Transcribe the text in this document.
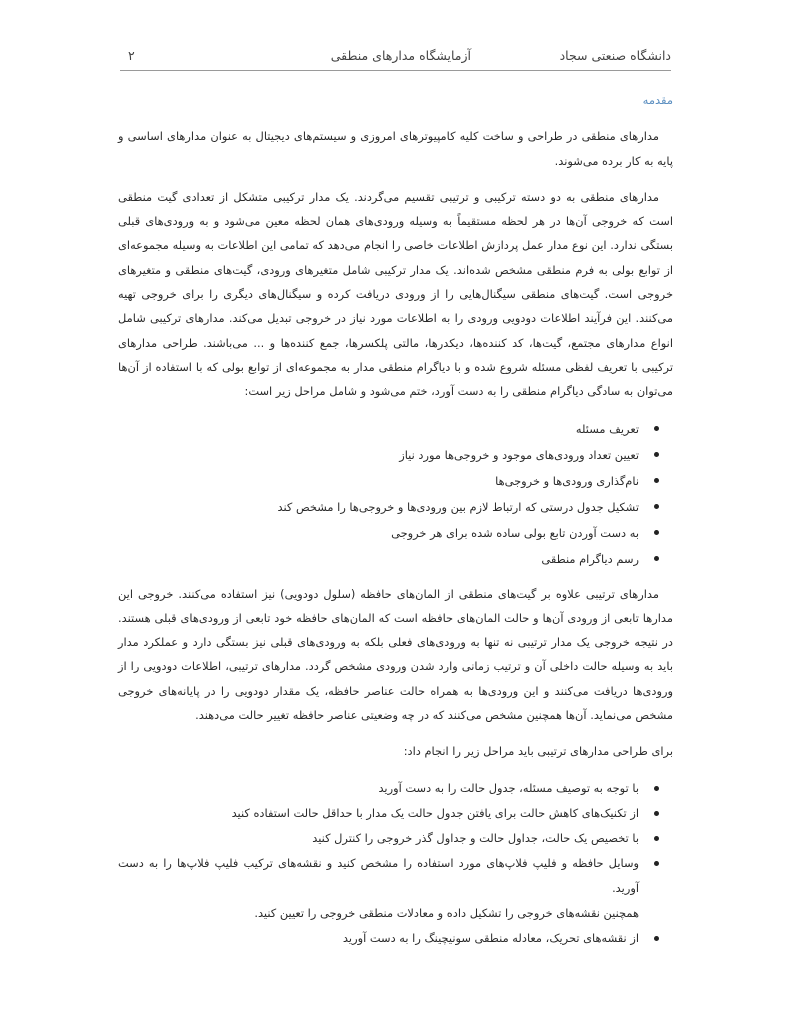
دانشگاه صنعتی سجاد
آزمایشگاه مدارهای منطقی
۲
مقدمه

مدارهای منطقی در طراحی و ساخت کلیه کامپیوترهای امروزی و سیستم‌های دیجیتال به عنوان مدارهای اساسی و پایه به کار برده می‌شوند.

مدارهای منطقی به دو دسته ترکیبی و ترتیبی تقسیم می‌گردند. یک مدار ترکیبی متشکل از تعدادی گیت منطقی است که خروجی آن‌ها در هر لحظه مستقیماً به وسیله ورودی‌های همان لحظه معین می‌شود و به ورودی‌های قبلی بستگی ندارد. این نوع مدار عمل پردازش اطلاعات خاصی را انجام می‌دهد که تمامی این اطلاعات به وسیله مجموعه‌ای از توابع بولی به فرم منطقی مشخص شده‌اند. یک مدار ترکیبی شامل متغیرهای ورودی، گیت‌های منطقی و متغیرهای خروجی است. گیت‌های منطقی سیگنال‌هایی را از ورودی دریافت کرده و سیگنال‌های دیگری را برای خروجی تهیه می‌کنند. این فرآیند اطلاعات دودویی ورودی را به اطلاعات مورد نیاز در خروجی تبدیل می‌کند. مدارهای ترکیبی شامل انواع مدارهای مجتمع، گیت‌ها، کد کننده‌ها، دیکدرها، مالتی پلکسرها، جمع کننده‌ها و ... می‌باشند. طراحی مدارهای ترکیبی با تعریف لفظی مسئله شروع شده و با دیاگرام منطقی مدار به مجموعه‌ای از توابع بولی که با استفاده از آن‌ها می‌توان به سادگی دیاگرام منطقی را به دست آورد، ختم می‌شود و شامل مراحل زیر است:

تعریف مسئله
تعیین تعداد ورودی‌های موجود و خروجی‌ها مورد نیاز
نام‌گذاری ورودی‌ها و خروجی‌ها
تشکیل جدول درستی که ارتباط لازم بین ورودی‌ها و خروجی‌ها را مشخص کند
به دست آوردن تابع بولی ساده شده برای هر خروجی
رسم دیاگرام منطقی

مدارهای ترتیبی علاوه بر گیت‌های منطقی از المان‌های حافظه (سلول دودویی) نیز استفاده می‌کنند. خروجی این مدارها تابعی از ورودی آن‌ها و حالت المان‌های حافظه است که المان‌های حافظه خود تابعی از ورودی‌های قبلی هستند. در نتیجه خروجی یک مدار ترتیبی نه تنها به ورودی‌های فعلی بلکه به ورودی‌های قبلی نیز بستگی دارد و عملکرد مدار باید به وسیله حالت داخلی آن و ترتیب زمانی وارد شدن ورودی مشخص گردد. مدارهای ترتیبی، اطلاعات دودویی را از ورودی‌ها دریافت می‌کنند و این ورودی‌ها به همراه حالت عناصر حافظه، یک مقدار دودویی را در پایانه‌های خروجی مشخص می‌نماید. آن‌ها همچنین مشخص می‌کنند که در چه وضعیتی عناصر حافظه تغییر حالت می‌دهند.

برای طراحی مدارهای ترتیبی باید مراحل زیر را انجام داد:

با توجه به توصیف مسئله، جدول حالت را به دست آورید
از تکنیک‌های کاهش حالت برای یافتن جدول حالت یک مدار با حداقل حالت استفاده کنید
با تخصیص یک حالت، جداول حالت و جداول گذر خروجی را کنترل کنید
وسایل حافظه و فلیپ فلاپ‌های مورد استفاده را مشخص کنید و نقشه‌های ترکیب فلیپ فلاپ‌ها را به دست آورید.
همچنین نقشه‌های خروجی را تشکیل داده و معادلات منطقی خروجی را تعیین کنید.
از نقشه‌های تحریک، معادله منطقی سونیچینگ را به دست آورید
